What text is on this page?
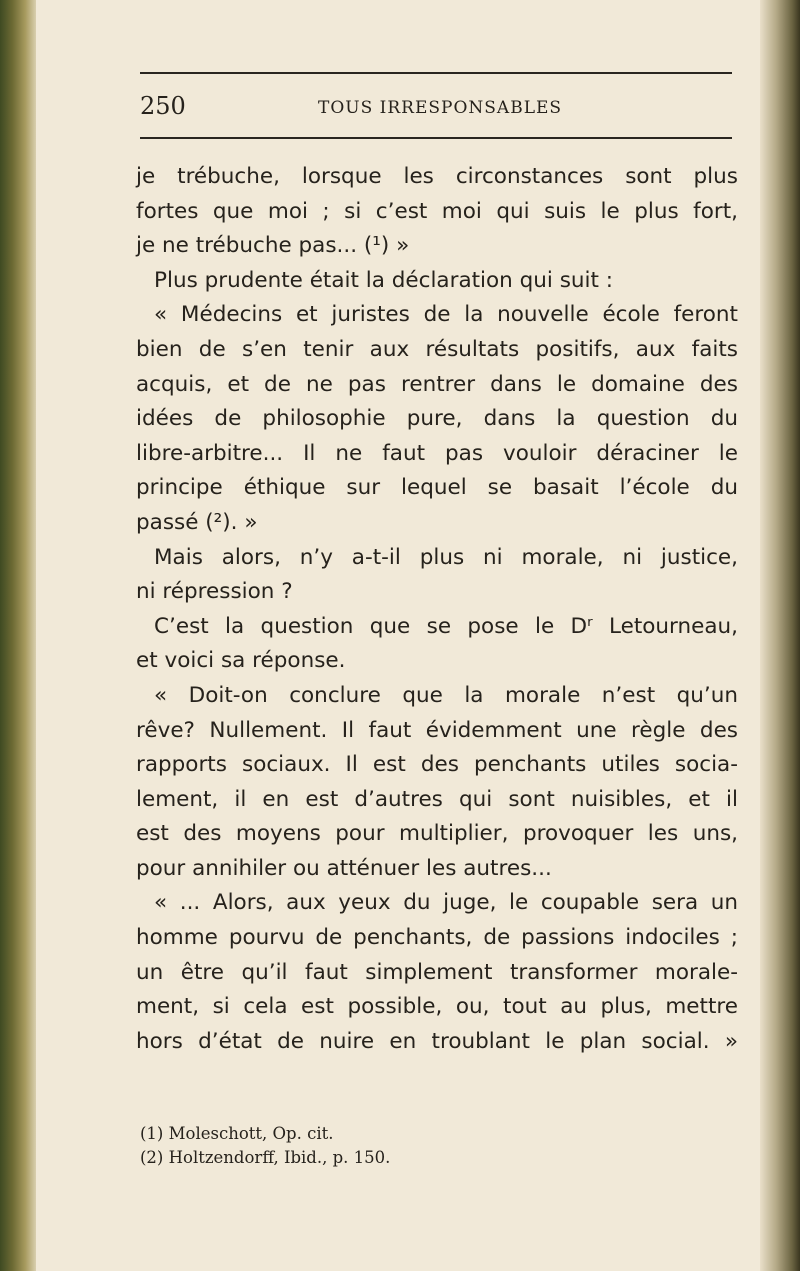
250	TOUS IRRESPONSABLES
je trébuche, lorsque les circonstances sont plus
fortes que moi ; si c’est moi qui suis le plus fort,
je ne trébuche pas... (¹) »
Plus prudente était la déclaration qui suit :
« Médecins et juristes de la nouvelle école feront
bien de s’en tenir aux résultats positifs, aux faits
acquis, et de ne pas rentrer dans le domaine des
idées de philosophie pure, dans la question du
libre-arbitre... Il ne faut pas vouloir déraciner le
principe éthique sur lequel se basait l’école du
passé (²). »
Mais alors, n’y a-t-il plus ni morale, ni justice,
ni répression ?
C’est la question que se pose le Dʳ Letourneau,
et voici sa réponse.
« Doit-on conclure que la morale n’est qu’un
rêve? Nullement. Il faut évidemment une règle des
rapports sociaux. Il est des penchants utiles socia-
lement, il en est d’autres qui sont nuisibles, et il
est des moyens pour multiplier, provoquer les uns,
pour annihiler ou atténuer les autres...
« ... Alors, aux yeux du juge, le coupable sera un
homme pourvu de penchants, de passions indociles ;
un être qu’il faut simplement transformer morale-
ment, si cela est possible, ou, tout au plus, mettre
hors d’état de nuire en troublant le plan social. »
(1) Moleschott, Op. cit.
(2) Holtzendorff, Ibid., p. 150.
